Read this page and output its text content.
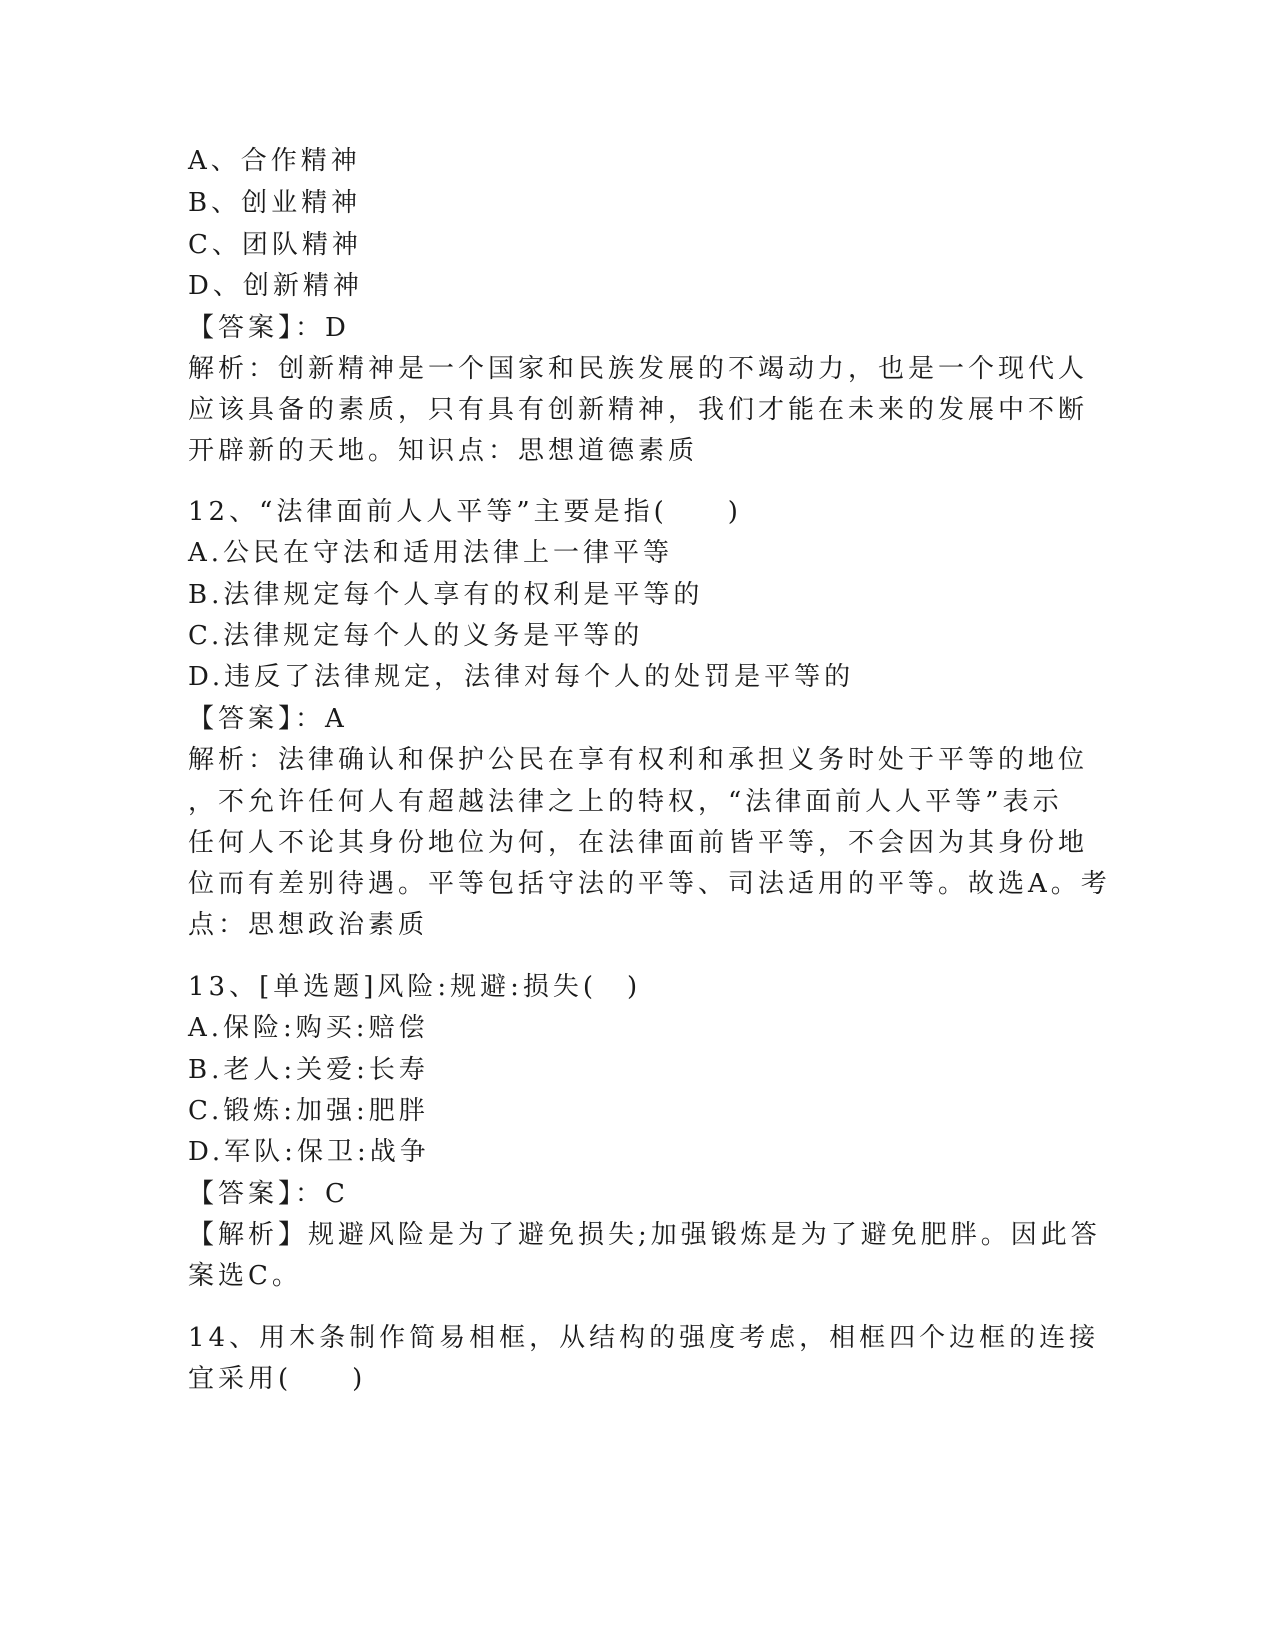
A、合作精神
B、创业精神
C、团队精神
D、创新精神
【答案】：D
解析：创新精神是一个国家和民族发展的不竭动力，也是一个现代人
应该具备的素质，只有具有创新精神，我们才能在未来的发展中不断
开辟新的天地。知识点：思想道德素质
12、“法律面前人人平等”主要是指(　　)
A.公民在守法和适用法律上一律平等
B.法律规定每个人享有的权利是平等的
C.法律规定每个人的义务是平等的
D.违反了法律规定，法律对每个人的处罚是平等的
【答案】：A
解析：法律确认和保护公民在享有权利和承担义务时处于平等的地位
，不允许任何人有超越法律之上的特权，“法律面前人人平等”表示
任何人不论其身份地位为何，在法律面前皆平等，不会因为其身份地
位而有差别待遇。平等包括守法的平等、司法适用的平等。故选A。考
点：思想政治素质
13、[单选题]风险:规避:损失(　)
A.保险:购买:赔偿
B.老人:关爱:长寿
C.锻炼:加强:肥胖
D.军队:保卫:战争
【答案】：C
【解析】规避风险是为了避免损失;加强锻炼是为了避免肥胖。因此答
案选C。
14、用木条制作简易相框，从结构的强度考虑，相框四个边框的连接
宜采用(　　)
